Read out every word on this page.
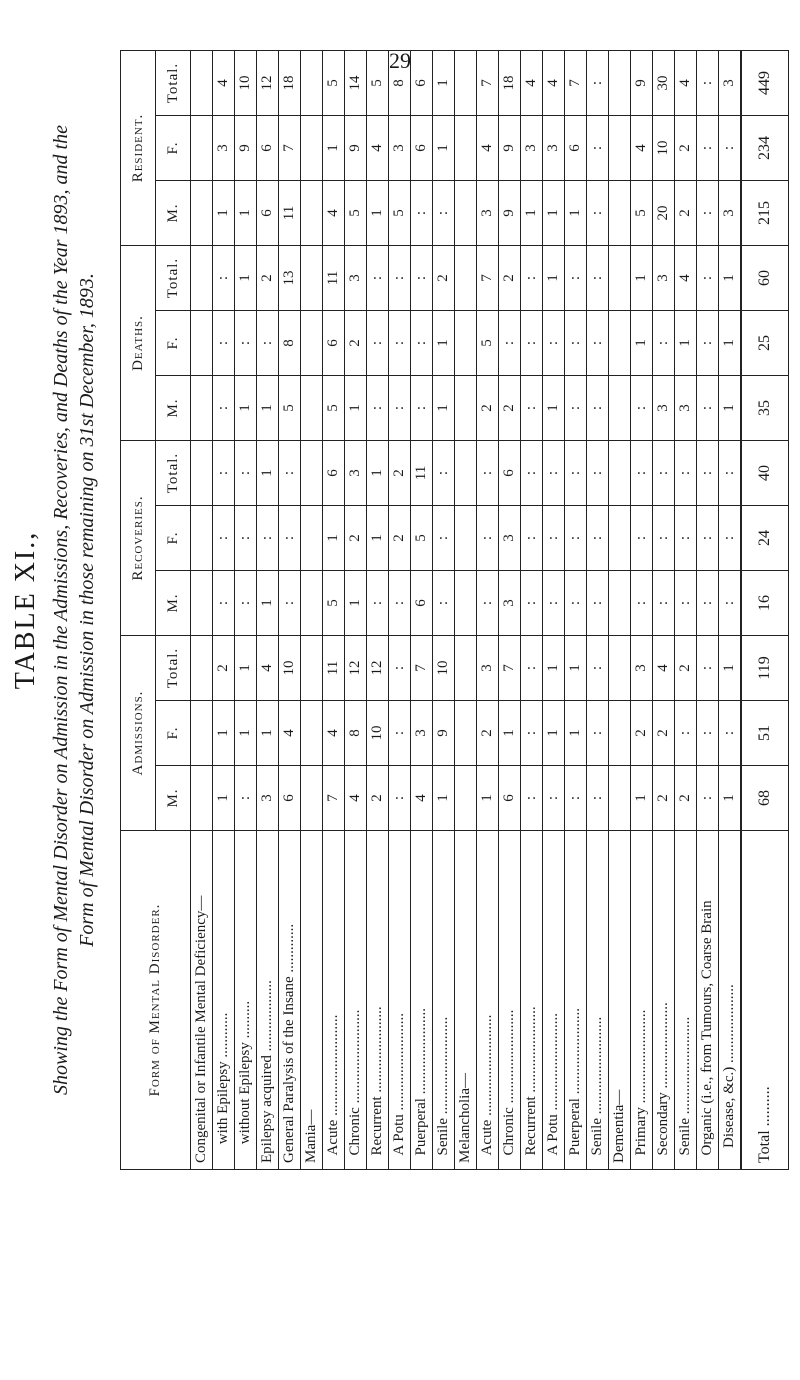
29
TABLE XI., Showing the Form of Mental Disorder on Admission in the Admissions, Recoveries, and Deaths of the Year 1893, and the Form of Mental Disorder on Admission in those remaining on 31st December, 1893.
Form of Mental Disorder.	Admissions.			Recoveries.			Deaths.			Resident.		
	M.	F.	Total.	M.	F.	Total.	M.	F.	Total.	M.	F.	Total.
Congenital or Infantile Mental Deficiency—												
with Epilepsy ............	1	1	2	:	:	:	:	:	:	1	3	4
without Epilepsy ..........	:	1	1	:	:	:	1	:	1	1	9	10
Epilepsy acquired ...................	3	1	4	1	:	1	1	:	2	6	6	12
General Paralysis of the Insane .............	6	4	10	:	:	:	5	8	13	11	7	18
Mania—												
Acute ...........................	7	4	11	5	1	6	5	6	11	4	1	5
Chronic .........................	4	8	12	1	2	3	1	2	3	5	9	14
Recurrent .......................	2	10	12	:	1	1	:	:	:	1	4	5
A Potu ..........................	:	:	:	:	2	2	:	:	:	5	3	8
Puerperal .......................	4	3	7	6	5	11	:	:	:	:	6	6
Senile ..........................	1	9	10	:	:	:	1	1	2	:	1	1
Melancholia—												
Acute ...........................	1	2	3	:	:	:	2	5	7	3	4	7
Chronic .........................	6	1	7	3	3	6	2	:	2	9	9	18
Recurrent .......................	:	:	:	:	:	:	:	:	:	1	3	4
A Potu ..........................	:	1	1	:	:	:	1	:	1	1	3	4
Puerperal .......................	:	1	1	:	:	:	:	:	:	1	6	7
Senile ..........................	:	:	:	:	:	:	:	:	:	:	:	:
Dementia—												
Primary .........................	1	2	3	:	:	:	:	1	1	5	4	9
Secondary .......................	2	2	4	:	:	:	3	:	3	20	10	30
Senile ..........................	2	:	2	:	:	:	3	1	4	2	2	4
Organic (i.e., from Tumours, Coarse Brain	:	:	:	:	:	:	:	:	:	:	:	:
Disease, &c.) .....................	1	:	1	:	:	:	1	1	1	3	:	3
Total ..........	68	51	119	16	24	40	35	25	60	215	234	449
